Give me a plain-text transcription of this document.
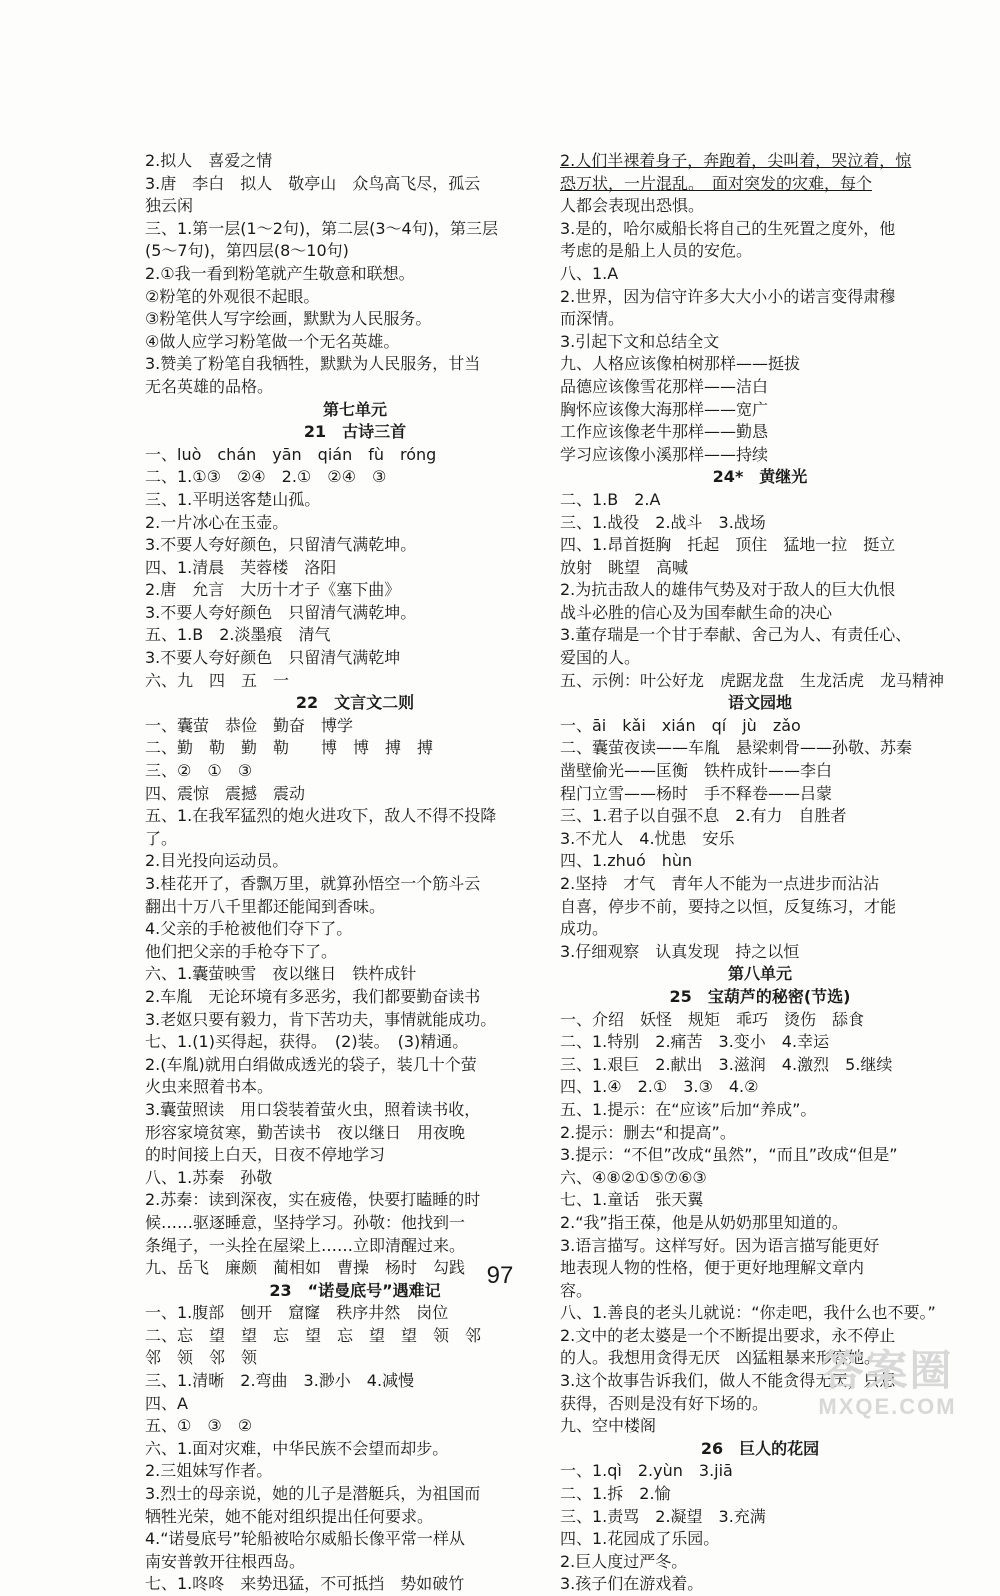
2.拟人　喜爱之情
3.唐　李白　拟人　敬亭山　众鸟高飞尽，孤云
独云闲
三、1.第一层(1～2句)，第二层(3～4句)，第三层
(5～7句)，第四层(8～10句)
2.①我一看到粉笔就产生敬意和联想。
②粉笔的外观很不起眼。
③粉笔供人写字绘画，默默为人民服务。
④做人应学习粉笔做一个无名英雄。
3.赞美了粉笔自我牺牲，默默为人民服务，甘当
无名英雄的品格。
第七单元
21　古诗三首
一、luò　chán　yān　qián　fù　róng
二、1.①③　②④　2.①　②④　③
三、1.平明送客楚山孤。
2.一片冰心在玉壶。
3.不要人夸好颜色，只留清气满乾坤。
四、1.清晨　芙蓉楼　洛阳
2.唐　允言　大历十才子《塞下曲》
3.不要人夸好颜色　只留清气满乾坤。
五、1.B　2.淡墨痕　清气
3.不要人夸好颜色　只留清气满乾坤
六、九　四　五　一
22　文言文二则
一、囊萤　恭俭　勤奋　博学
二、勤　勒　勤　勒　　博　博　搏　搏
三、②　①　③
四、震惊　震撼　震动
五、1.在我军猛烈的炮火进攻下，敌人不得不投降
了。
2.目光投向运动员。
3.桂花开了，香飘万里，就算孙悟空一个筋斗云
翻出十万八千里都还能闻到香味。
4.父亲的手枪被他们夺下了。
他们把父亲的手枪夺下了。
六、1.囊萤映雪　夜以继日　铁杵成针
2.车胤　无论环境有多恶劣，我们都要勤奋读书
3.老妪只要有毅力，肯下苦功夫，事情就能成功。
七、1.(1)买得起，获得。　(2)装。　(3)精通。
2.(车胤)就用白绢做成透光的袋子，装几十个萤
火虫来照着书本。
3.囊萤照读　用口袋装着萤火虫，照着读书收，
形容家境贫寒，勤苦读书　夜以继日　用夜晚
的时间接上白天，日夜不停地学习
八、1.苏秦　孙敬
2.苏秦：读到深夜，实在疲倦，快要打瞌睡的时
候……驱逐睡意，坚持学习。孙敬：他找到一
条绳子，一头拴在屋梁上……立即清醒过来。
九、岳飞　廉颇　蔺相如　曹操　杨时　勾践
23　“诺曼底号”遇难记
一、1.腹部　刨开　窟窿　秩序井然　岗位
二、忘　望　望　忘　望　忘　望　望　领　邻
邻　领　邻　领
三、1.清晰　2.弯曲　3.渺小　4.减慢
四、A
五、①　③　②
六、1.面对灾难，中华民族不会望而却步。
2.三姐妹写作者。
3.烈士的母亲说，她的儿子是潜艇兵，为祖国而
牺牲光荣，她不能对组织提出任何要求。
4.“诺曼底号”轮船被哈尔威船长像平常一样从
南安普敦开往根西岛。
七、1.咚咚　来势迅猛，不可抵挡　势如破竹
2.人们半裸着身子，奔跑着，尖叫着，哭泣着，惊
恐万状，一片混乱。　面对突发的灾难，每个
人都会表现出恐惧。
3.是的，哈尔威船长将自己的生死置之度外，他
考虑的是船上人员的安危。
八、1.A
2.世界，因为信守许多大大小小的诺言变得肃穆
而深情。
3.引起下文和总结全文
九、人格应该像柏树那样——挺拔
品德应该像雪花那样——洁白
胸怀应该像大海那样——宽广
工作应该像老牛那样——勤恳
学习应该像小溪那样——持续
24*　黄继光
二、1.B　2.A
三、1.战役　2.战斗　3.战场
四、1.昂首挺胸　托起　顶住　猛地一拉　挺立
放射　眺望　高喊
2.为抗击敌人的雄伟气势及对于敌人的巨大仇恨
战斗必胜的信心及为国奉献生命的决心
3.董存瑞是一个甘于奉献、舍己为人、有责任心、
爱国的人。
五、示例：叶公好龙　虎踞龙盘　生龙活虎　龙马精神
语文园地
一、āi　kǎi　xián　qí　jù　zǎo
二、囊萤夜读——车胤　悬梁刺骨——孙敬、苏秦
凿壁偷光——匡衡　铁杵成针——李白
程门立雪——杨时　手不释卷——吕蒙
三、1.君子以自强不息　2.有力　自胜者
3.不尤人　4.忧患　安乐
四、1.zhuó　hùn
2.坚持　才气　青年人不能为一点进步而沾沾
自喜，停步不前，要持之以恒，反复练习，才能
成功。
3.仔细观察　认真发现　持之以恒
第八单元
25　宝葫芦的秘密(节选)
一、介绍　妖怪　规矩　乖巧　烫伤　舔食
二、1.特别　2.痛苦　3.变小　4.幸运
三、1.艰巨　2.献出　3.滋润　4.激烈　5.继续
四、1.④　2.①　3.③　4.②
五、1.提示：在“应该”后加“养成”。
2.提示：删去“和提高”。
3.提示：“不但”改成“虽然”，“而且”改成“但是”
六、④⑧②①⑤⑦⑥③
七、1.童话　张天翼
2.“我”指王葆，他是从奶奶那里知道的。
3.语言描写。这样写好。因为语言描写能更好
地表现人物的性格，便于更好地理解文章内
容。
八、1.善良的老头儿就说：“你走吧，我什么也不要。”
2.文中的老太婆是一个不断提出要求，永不停止
的人。我想用贪得无厌　凶猛粗暴来形容她。
3.这个故事告诉我们，做人不能贪得无厌，只想
获得，否则是没有好下场的。
九、空中楼阁
26　巨人的花园
一、1.qì　2.yùn　3.jiā
二、1.拆　2.愉
三、1.责骂　2.凝望　3.充满
四、1.花园成了乐园。
2.巨人度过严冬。
3.孩子们在游戏着。
97
答案圈
MXQE.COM
